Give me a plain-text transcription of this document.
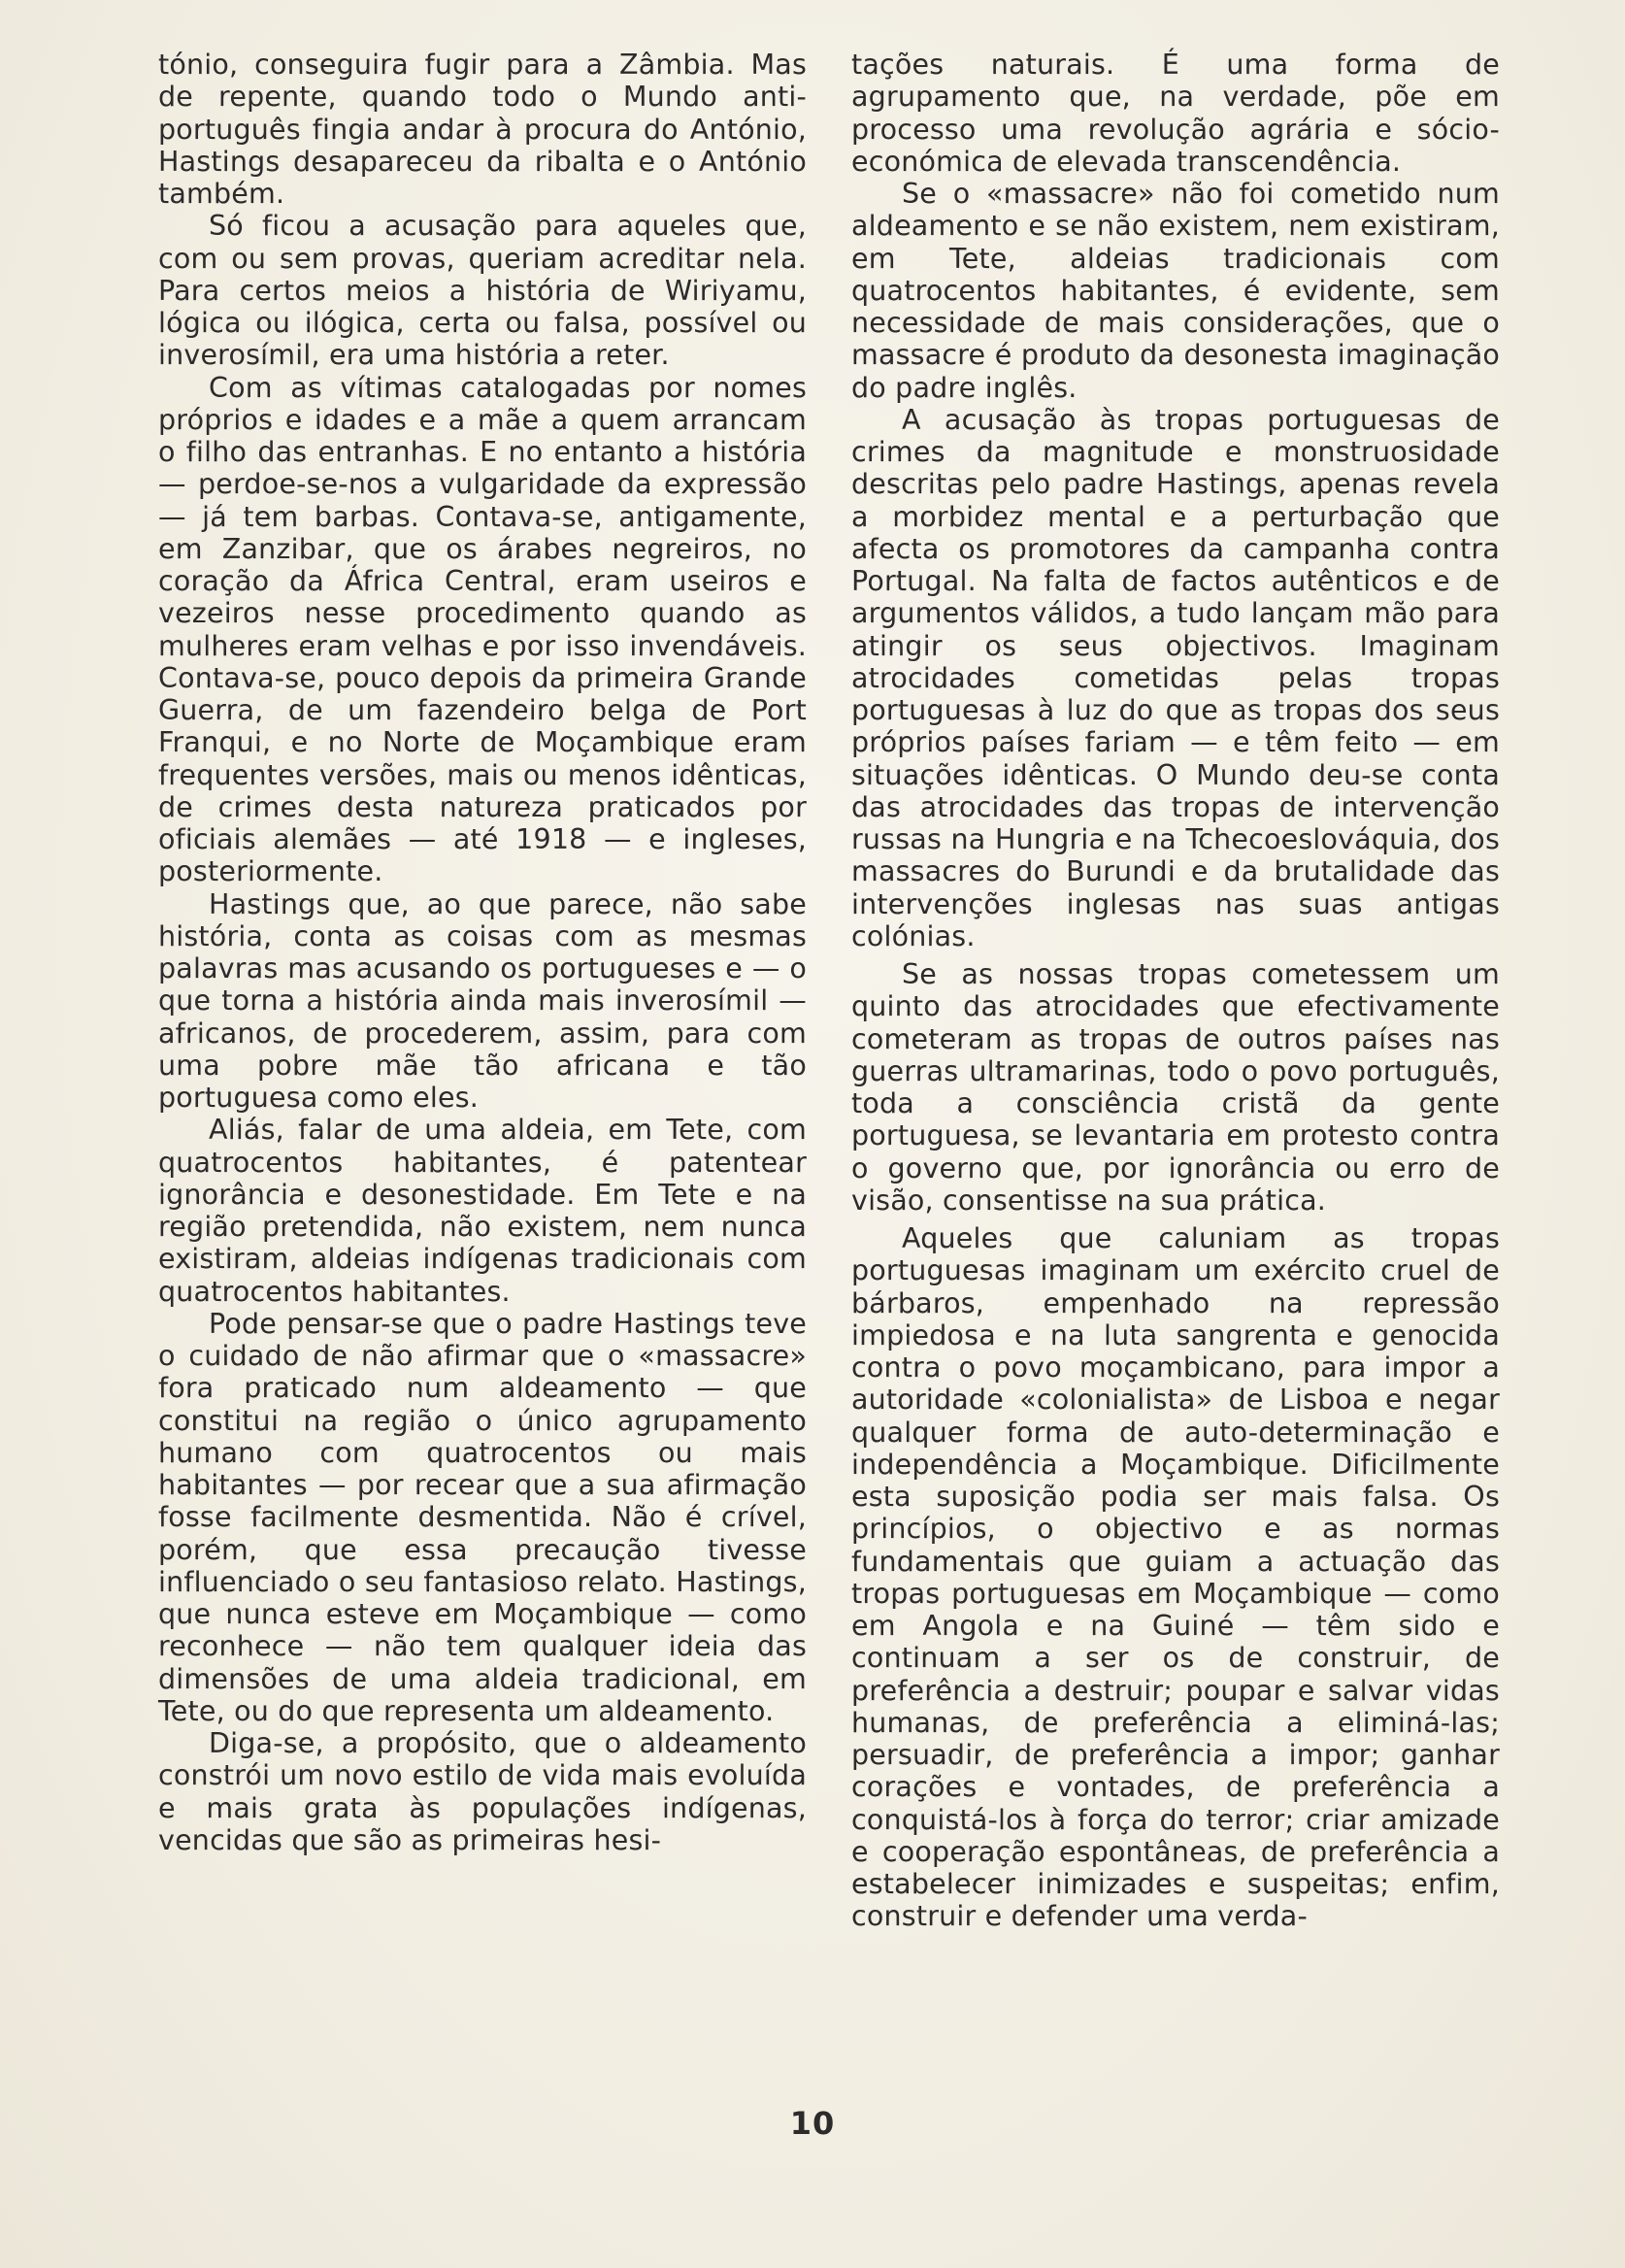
tónio, conseguira fugir para a Zâmbia. Mas de repente, quando todo o Mundo anti-português fingia andar à procura do António, Hastings desapareceu da ribalta e o António também.

Só ficou a acusação para aqueles que, com ou sem provas, queriam acreditar nela. Para certos meios a história de Wiriyamu, lógica ou ilógica, certa ou falsa, possível ou inverosímil, era uma história a reter.

Com as vítimas catalogadas por nomes próprios e idades e a mãe a quem arrancam o filho das entranhas. E no entanto a história — perdoe-se-nos a vulgaridade da expressão — já tem barbas. Contava-se, antigamente, em Zanzibar, que os árabes negreiros, no coração da África Central, eram useiros e vezeiros nesse procedimento quando as mulheres eram velhas e por isso invendáveis. Contava-se, pouco depois da primeira Grande Guerra, de um fazendeiro belga de Port Franqui, e no Norte de Moçambique eram frequentes versões, mais ou menos idênticas, de crimes desta natureza praticados por oficiais alemães — até 1918 — e ingleses, posteriormente.

Hastings que, ao que parece, não sabe história, conta as coisas com as mesmas palavras mas acusando os portugueses e — o que torna a história ainda mais inverosímil — africanos, de procederem, assim, para com uma pobre mãe tão africana e tão portuguesa como eles.

Aliás, falar de uma aldeia, em Tete, com quatrocentos habitantes, é patentear ignorância e desonestidade. Em Tete e na região pretendida, não existem, nem nunca existiram, aldeias indígenas tradicionais com quatrocentos habitantes.

Pode pensar-se que o padre Hastings teve o cuidado de não afirmar que o «massacre» fora praticado num aldeamento — que constitui na região o único agrupamento humano com quatrocentos ou mais habitantes — por recear que a sua afirmação fosse facilmente desmentida. Não é crível, porém, que essa precaução tivesse influenciado o seu fantasioso relato. Hastings, que nunca esteve em Moçambique — como reconhece — não tem qualquer ideia das dimensões de uma aldeia tradicional, em Tete, ou do que representa um aldeamento.

Diga-se, a propósito, que o aldeamento constrói um novo estilo de vida mais evoluída e mais grata às populações indígenas, vencidas que são as primeiras hesi-

tações naturais. É uma forma de agrupamento que, na verdade, põe em processo uma revolução agrária e sócio-económica de elevada transcendência.

Se o «massacre» não foi cometido num aldeamento e se não existem, nem existiram, em Tete, aldeias tradicionais com quatrocentos habitantes, é evidente, sem necessidade de mais considerações, que o massacre é produto da desonesta imaginação do padre inglês.

A acusação às tropas portuguesas de crimes da magnitude e monstruosidade descritas pelo padre Hastings, apenas revela a morbidez mental e a perturbação que afecta os promotores da campanha contra Portugal. Na falta de factos autênticos e de argumentos válidos, a tudo lançam mão para atingir os seus objectivos. Imaginam atrocidades cometidas pelas tropas portuguesas à luz do que as tropas dos seus próprios países fariam — e têm feito — em situações idênticas. O Mundo deu-se conta das atrocidades das tropas de intervenção russas na Hungria e na Tchecoeslováquia, dos massacres do Burundi e da brutalidade das intervenções inglesas nas suas antigas colónias.

Se as nossas tropas cometessem um quinto das atrocidades que efectivamente cometeram as tropas de outros países nas guerras ultramarinas, todo o povo português, toda a consciência cristã da gente portuguesa, se levantaria em protesto contra o governo que, por ignorância ou erro de visão, consentisse na sua prática.

Aqueles que caluniam as tropas portuguesas imaginam um exército cruel de bárbaros, empenhado na repressão impiedosa e na luta sangrenta e genocida contra o povo moçambicano, para impor a autoridade «colonialista» de Lisboa e negar qualquer forma de auto-determinação e independência a Moçambique. Dificilmente esta suposição podia ser mais falsa. Os princípios, o objectivo e as normas fundamentais que guiam a actuação das tropas portuguesas em Moçambique — como em Angola e na Guiné — têm sido e continuam a ser os de construir, de preferência a destruir; poupar e salvar vidas humanas, de preferência a eliminá-las; persuadir, de preferência a impor; ganhar corações e vontades, de preferência a conquistá-los à força do terror; criar amizade e cooperação espontâneas, de preferência a estabelecer inimizades e suspeitas; enfim, construir e defender uma verda-

10
